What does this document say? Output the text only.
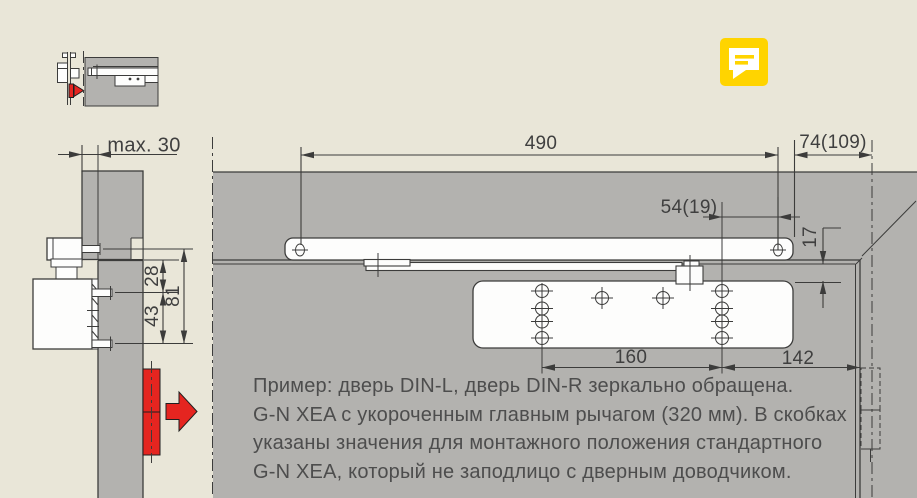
max. 30	490	74(109)
54(19)
17
28
81
43
160	142
Пример: дверь DIN-L, дверь DIN-R зеркально обращена.
G-N XEA с укороченным главным рычагом (320 мм). В скобках
указаны значения для монтажного положения стандартного
G-N XEA, который не заподлицо с дверным доводчиком.
